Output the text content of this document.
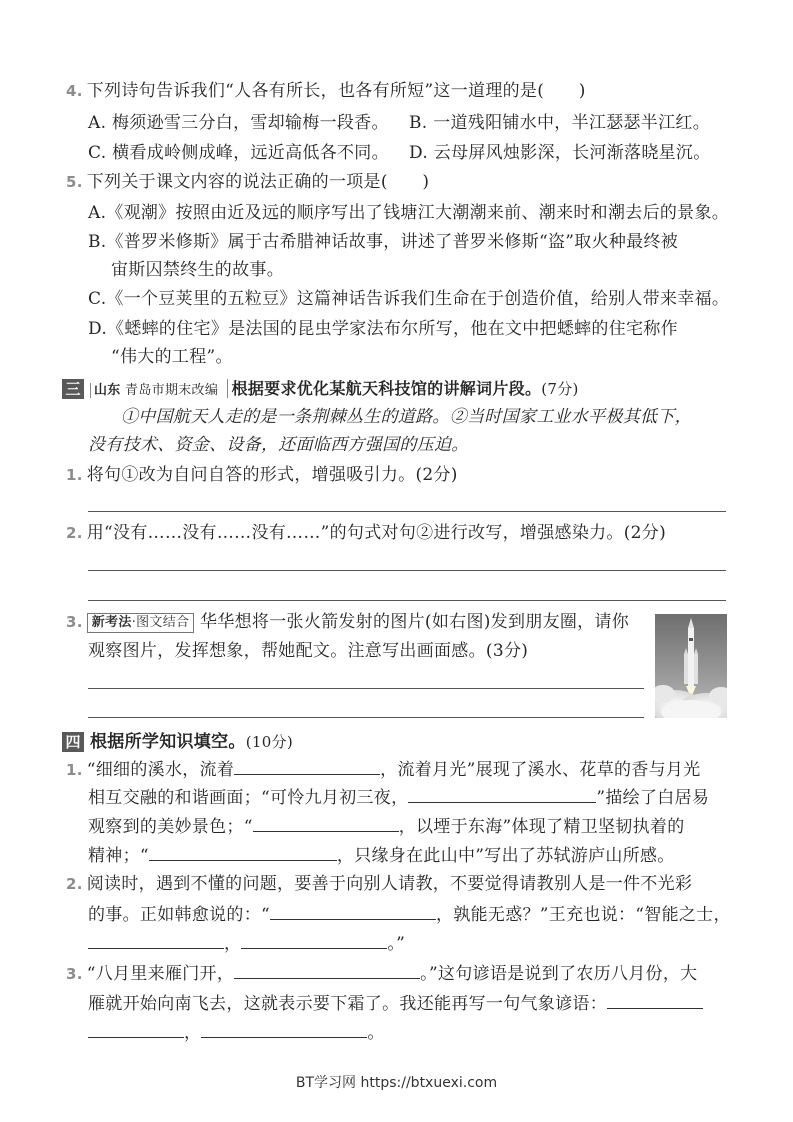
4. 下列诗句告诉我们“人各有所长，也各有所短”这一道理的是(　　)
A. 梅须逊雪三分白，雪却输梅一段香。 B. 一道残阳铺水中，半江瑟瑟半江红。
C. 横看成岭侧成峰，远近高低各不同。 D. 云母屏风烛影深，长河渐落晓星沉。
5. 下列关于课文内容的说法正确的一项是(　　)
A.《观潮》按照由近及远的顺序写出了钱塘江大潮潮来前、潮来时和潮去后的景象。
B.《普罗米修斯》属于古希腊神话故事，讲述了普罗米修斯“盗”取火种最终被
宙斯囚禁终生的故事。
C.《一个豆荚里的五粒豆》这篇神话告诉我们生命在于创造价值，给别人带来幸福。
D.《蟋蟀的住宅》是法国的昆虫学家法布尔所写，他在文中把蟋蟀的住宅称作
“伟大的工程”。
三	山东 青岛市期末改编 根据要求优化某航天科技馆的讲解词片段。(7分)
①中国航天人走的是一条荆棘丛生的道路。②当时国家工业水平极其低下，
没有技术、资金、设备，还面临西方强国的压迫。
1. 将句①改为自问自答的形式，增强吸引力。(2分)
2. 用“没有……没有……没有……”的句式对句②进行改写，增强感染力。(2分)
3. 新考法·图文结合 华华想将一张火箭发射的图片(如右图)发到朋友圈，请你
观察图片，发挥想象，帮她配文。注意写出画面感。(3分)
四 根据所学知识填空。(10分)
1. “细细的溪水，流着	，流着月光”展现了溪水、花草的香与月光
相互交融的和谐画面；“可怜九月初三夜，	”描绘了白居易
观察到的美妙景色；“	，以堙于东海”体现了精卫坚韧执着的
精神；“	，只缘身在此山中”写出了苏轼游庐山所感。
2. 阅读时，遇到不懂的问题，要善于向别人请教，不要觉得请教别人是一件不光彩
的事。正如韩愈说的：“	，孰能无惑？”王充也说：“智能之士，
，	。”
3. “八月里来雁门开，	。”这句谚语是说到了农历八月份，大
雁就开始向南飞去，这就表示要下霜了。我还能再写一句气象谚语：
，	。
BT学习网 https://btxuexi.com
